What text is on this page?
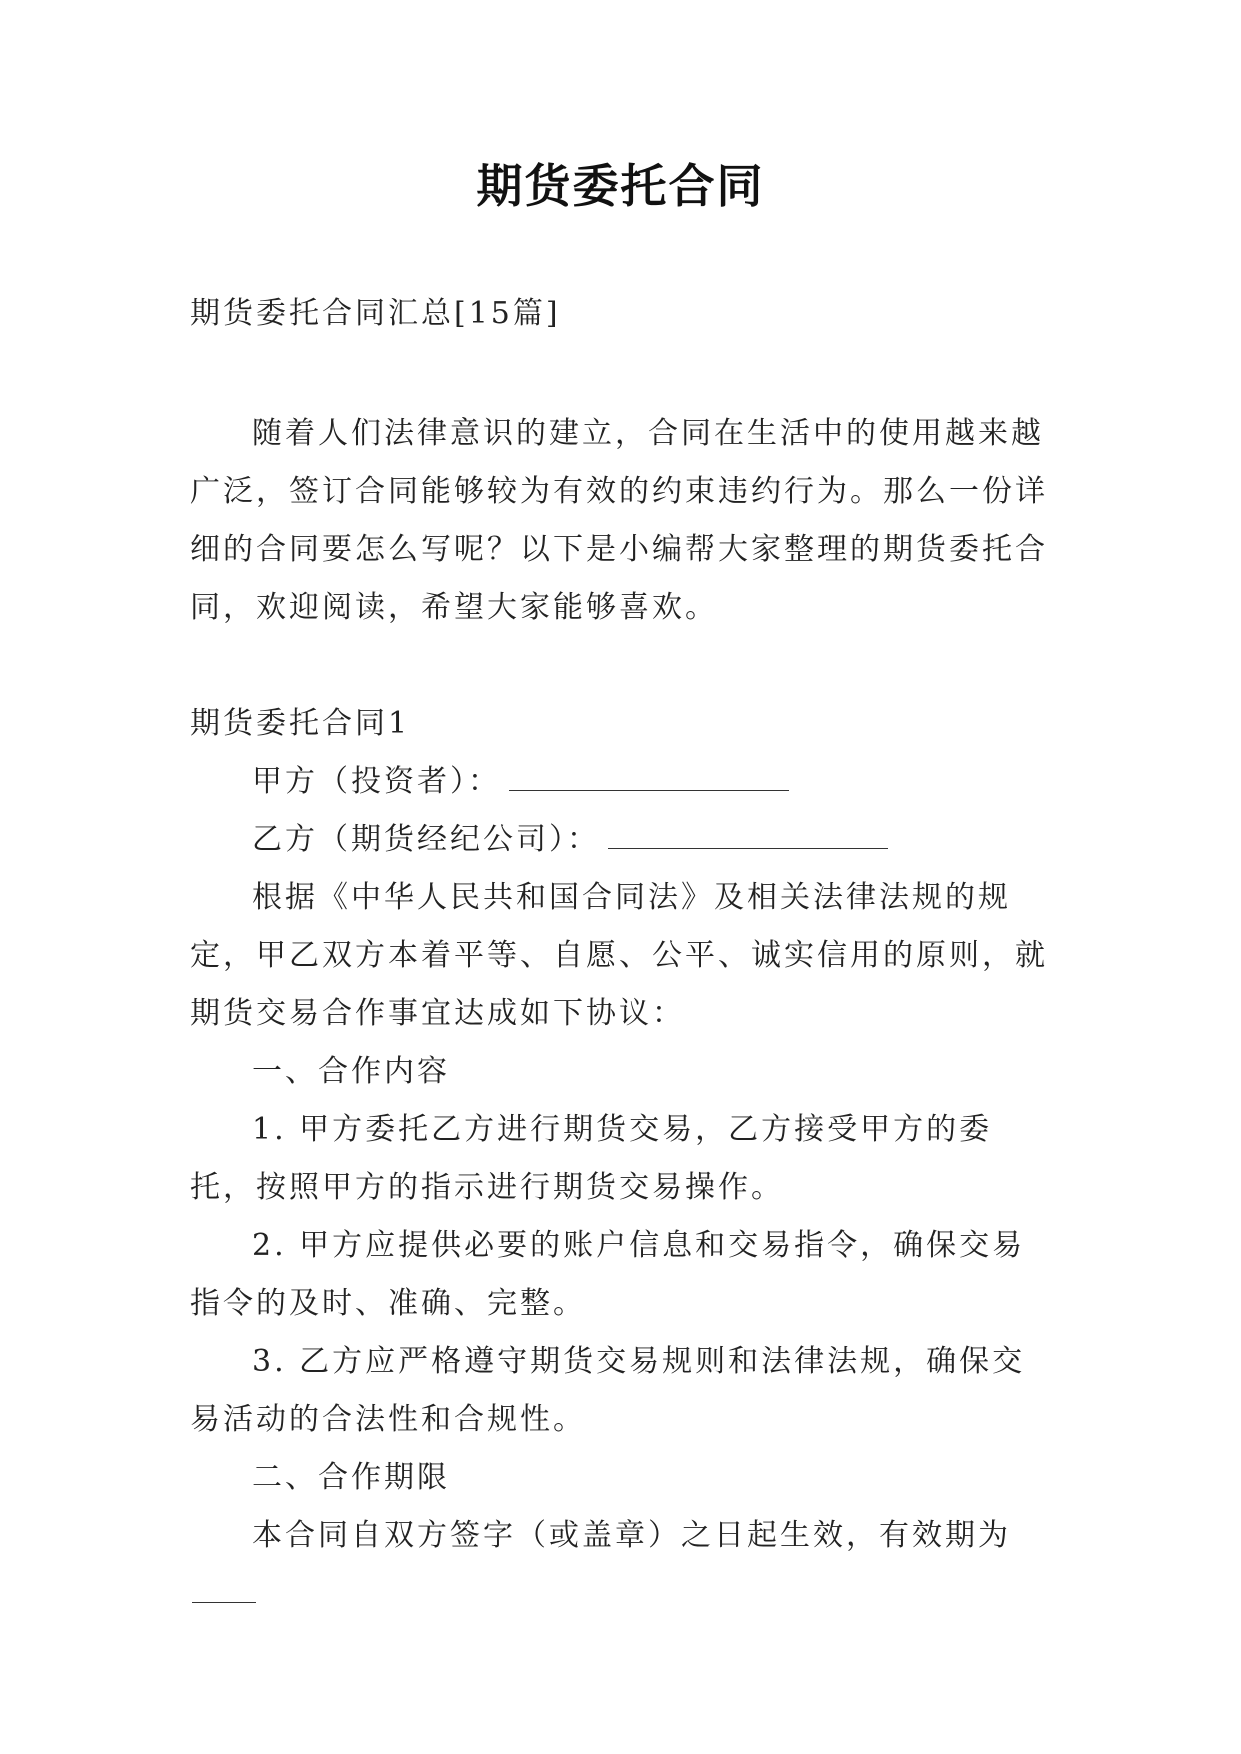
期货委托合同

期货委托合同汇总[15篇]

随着人们法律意识的建立，合同在生活中的使用越来越广泛，签订合同能够较为有效的约束违约行为。那么一份详细的合同要怎么写呢？以下是小编帮大家整理的期货委托合同，欢迎阅读，希望大家能够喜欢。

期货委托合同1

甲方（投资者）：

乙方（期货经纪公司）：

根据《中华人民共和国合同法》及相关法律法规的规定，甲乙双方本着平等、自愿、公平、诚实信用的原则，就期货交易合作事宜达成如下协议：

一、合作内容

1. 甲方委托乙方进行期货交易，乙方接受甲方的委托，按照甲方的指示进行期货交易操作。

2. 甲方应提供必要的账户信息和交易指令，确保交易指令的及时、准确、完整。

3. 乙方应严格遵守期货交易规则和法律法规，确保交易活动的合法性和合规性。

二、合作期限

本合同自双方签字（或盖章）之日起生效，有效期为
